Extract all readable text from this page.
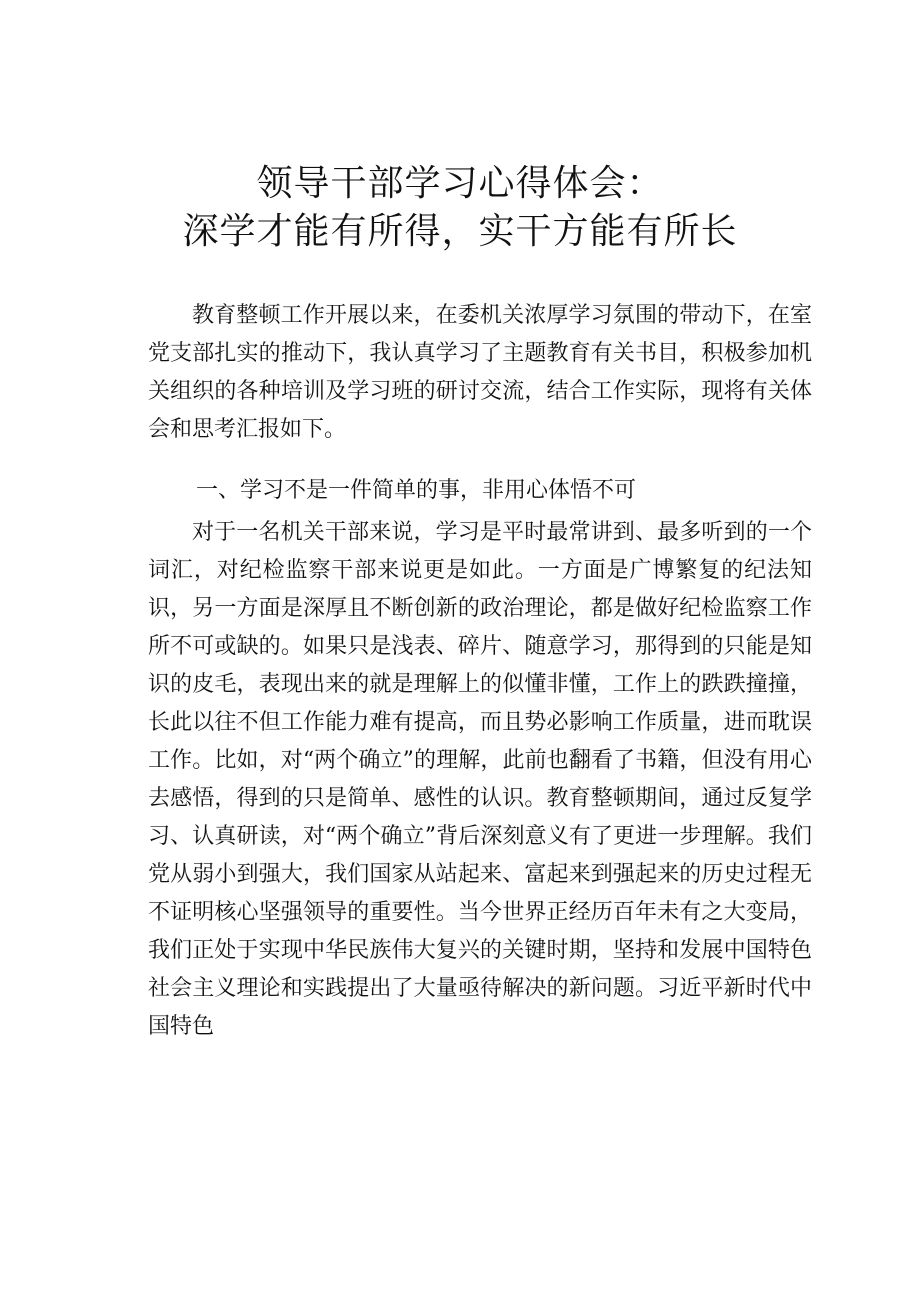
领导干部学习心得体会：
深学才能有所得，实干方能有所长

教育整顿工作开展以来，在委机关浓厚学习氛围的带动下，在室党支部扎实的推动下，我认真学习了主题教育有关书目，积极参加机关组织的各种培训及学习班的研讨交流，结合工作实际，现将有关体会和思考汇报如下。

一、学习不是一件简单的事，非用心体悟不可

对于一名机关干部来说，学习是平时最常讲到、最多听到的一个词汇，对纪检监察干部来说更是如此。一方面是广博繁复的纪法知识，另一方面是深厚且不断创新的政治理论，都是做好纪检监察工作所不可或缺的。如果只是浅表、碎片、随意学习，那得到的只能是知识的皮毛，表现出来的就是理解上的似懂非懂，工作上的跌跌撞撞，长此以往不但工作能力难有提高，而且势必影响工作质量，进而耽误工作。比如，对“两个确立”的理解，此前也翻看了书籍，但没有用心去感悟，得到的只是简单、感性的认识。教育整顿期间，通过反复学习、认真研读，对“两个确立”背后深刻意义有了更进一步理解。我们党从弱小到强大，我们国家从站起来、富起来到强起来的历史过程无不证明核心坚强领导的重要性。当今世界正经历百年未有之大变局，我们正处于实现中华民族伟大复兴的关键时期，坚持和发展中国特色社会主义理论和实践提出了大量亟待解决的新问题。习近平新时代中国特色
